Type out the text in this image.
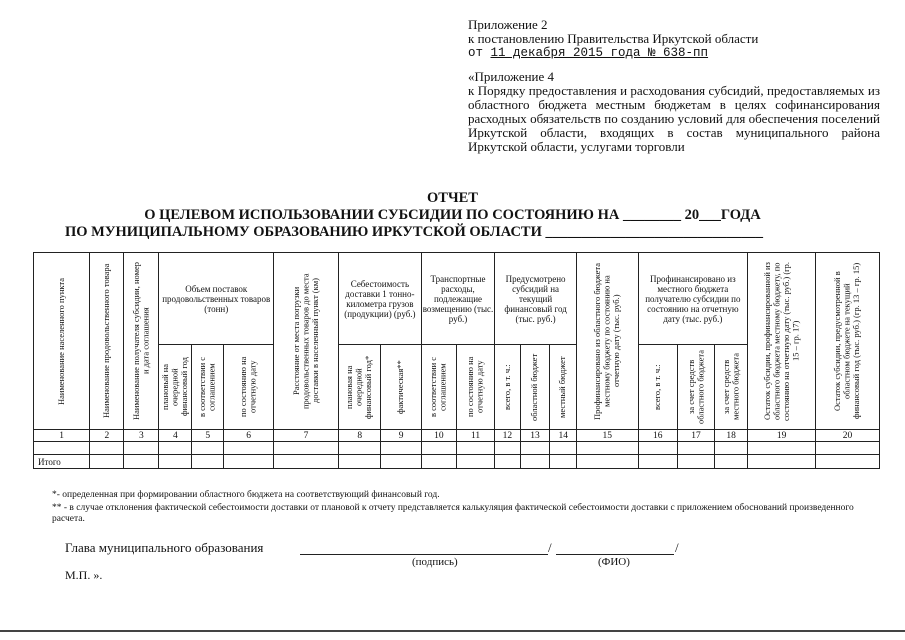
Приложение 2
к постановлению Правительства Иркутской области
от 11 декабря 2015 года № 638-пп
«Приложение 4
к Порядку предоставления и расходования субсидий, предоставляемых из областного бюджета местным бюджетам в целях софинансирования расходных обязательств по созданию условий для обеспечения поселений Иркутской области, входящих в состав муниципального района Иркутской области, услугами торговли
ОТЧЕТ
О ЦЕЛЕВОМ ИСПОЛЬЗОВАНИИ СУБСИДИИ ПО СОСТОЯНИЮ НА ________ 20___ГОДА
ПО МУНИЦИПАЛЬНОМУ ОБРАЗОВАНИЮ ИРКУТСКОЙ ОБЛАСТИ ______________________________
Наименование населенного пункта	Наименование продовольственного товара	Наименование получателя субсидии, номер и дата соглашения	Объем поставок продовольственных товаров (тонн)			Расстояние от места погрузки продовольственных товаров до места доставки в населенный пункт (км)	Себестоимость доставки 1 тонно-километра грузов (продукции) (руб.)		Транспортные расходы, подлежащие возмещению (тыс. руб.)		Предусмотрено субсидий на текущий финансовый год (тыс. руб.)			Профинансировано из областного бюджета местному бюджету по состоянию на отчетную дату (тыс. руб.)	Профинансировано из местного бюджета получателю субсидии по состоянию на отчетную дату (тыс. руб.)			Остаток субсидии, профинансированной из областного бюджета местному бюджету, по состоянию на отчетную дату (тыс. руб.) (гр. 15 – гр. 17)	Остаток субсидии, предусмотренной в областном бюджете на текущий финансовый год (тыс. руб.) (гр. 13 – гр. 15)

			плановый на очередной финансовый год	в соответствии с соглашением	по состоянию на отчетную дату		плановая на очередной финансовый год*	фактическая**	в соответствии с соглашением	по состоянию на отчетную дату	всего, в т. ч.:	областной бюджет	местный бюджет		всего, в т. ч.:	за счет средств областного бюджета	за счет средств местного бюджета		

1	2	3	4	5	6	7	8	9	10	11	12	13	14	15	16	17	18	19	20

Итого																			

*- определенная при формировании областного бюджета на соответствующий финансовый год.

** - в случае отклонения фактической себестоимости доставки от плановой к отчету представляется калькуляция фактической себестоимости доставки с приложением обоснований произведенного расчета.

Глава муниципального образования	/	/
(подпись)	(ФИО)
М.П. ».
